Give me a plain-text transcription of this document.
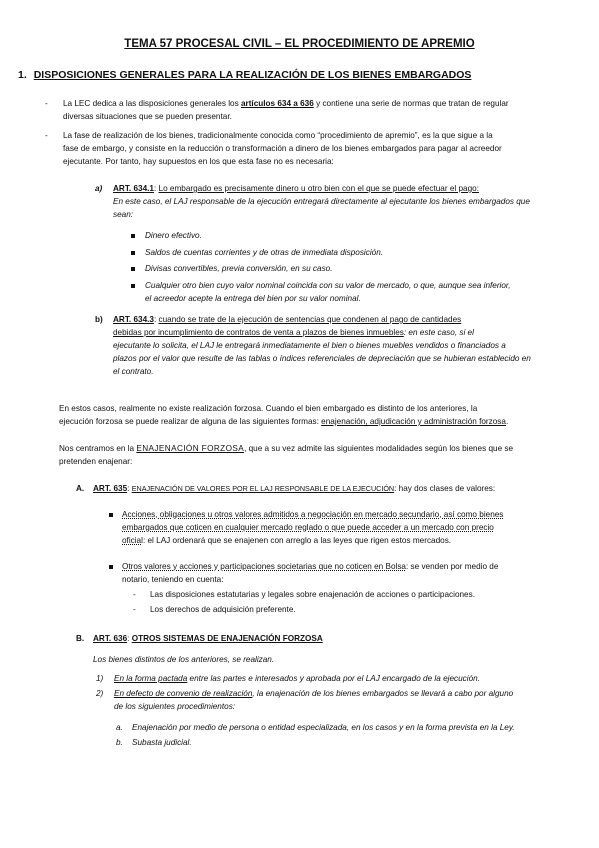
TEMA 57 PROCESAL CIVIL – EL PROCEDIMIENTO DE APREMIO
1. DISPOSICIONES GENERALES PARA LA REALIZACIÓN DE LOS BIENES EMBARGADOS
- La LEC dedica a las disposiciones generales los artículos 634 a 636 y contiene una serie de normas que tratan de regular
diversas situaciones que se pueden presentar.
- La fase de realización de los bienes, tradicionalmente conocida como “procedimiento de apremio”, es la que sigue a la
fase de embargo, y consiste en la reducción o transformación a dinero de los bienes embargados para pagar al acreedor
ejecutante. Por tanto, hay supuestos en los que esta fase no es necesaria:
a) ART. 634.1: Lo embargado es precisamente dinero u otro bien con el que se puede efectuar el pago:
En este caso, el LAJ responsable de la ejecución entregará directamente al ejecutante los bienes embargados que
sean:
Dinero efectivo.
Saldos de cuentas corrientes y de otras de inmediata disposición.
Divisas convertibles, previa conversión, en su caso.
Cualquier otro bien cuyo valor nominal coincida con su valor de mercado, o que, aunque sea inferior,
el acreedor acepte la entrega del bien por su valor nominal.
b) ART. 634.3: cuando se trate de la ejecución de sentencias que condenen al pago de cantidades
debidas por incumplimiento de contratos de venta a plazos de bienes inmuebles: en este caso, si el
ejecutante lo solicita, el LAJ le entregará inmediatamente el bien o bienes muebles vendidos o financiados a
plazos por el valor que resulte de las tablas o índices referenciales de depreciación que se hubieran establecido en
el contrato.
En estos casos, realmente no existe realización forzosa. Cuando el bien embargado es distinto de los anteriores, la
ejecución forzosa se puede realizar de alguna de las siguientes formas: enajenación, adjudicación y administración forzosa.
Nos centramos en la ENAJENACIÓN FORZOSA, que a su vez admite las siguientes modalidades según los bienes que se
pretenden enajenar:
A. ART. 635: ENAJENACIÓN DE VALORES POR EL LAJ RESPONSABLE DE LA EJECUCIÓN: hay dos clases de valores:
Acciones, obligaciones u otros valores admitidos a negociación en mercado secundario, así como bienes
embargados que coticen en cualquier mercado reglado o que puede acceder a un mercado con precio
oficial: el LAJ ordenará que se enajenen con arreglo a las leyes que rigen estos mercados.
Otros valores y acciones y participaciones societarias que no coticen en Bolsa: se venden por medio de
notario, teniendo en cuenta:
- Las disposiciones estatutarias y legales sobre enajenación de acciones o participaciones.
- Los derechos de adquisición preferente.
B. ART. 636: OTROS SISTEMAS DE ENAJENACIÓN FORZOSA
Los bienes distintos de los anteriores, se realizan.
1) En la forma pactada entre las partes e interesados y aprobada por el LAJ encargado de la ejecución.
2) En defecto de convenio de realización, la enajenación de los bienes embargados se llevará a cabo por alguno
de los siguientes procedimientos:
a. Enajenación por medio de persona o entidad especializada, en los casos y en la forma prevista en la Ley.
b. Subasta judicial.
